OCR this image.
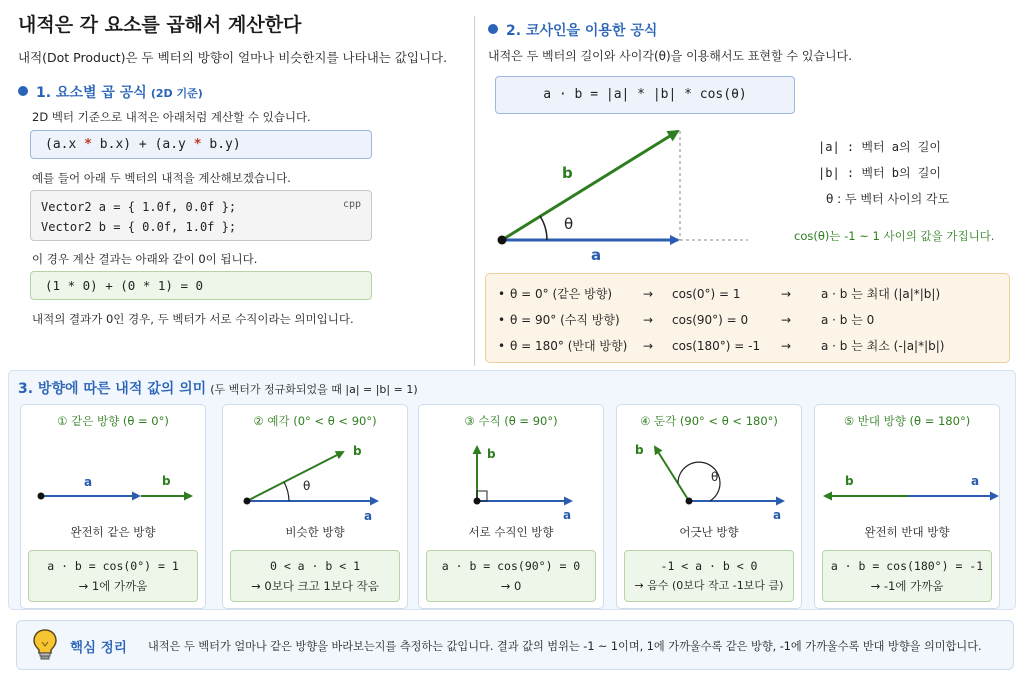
내적은 각 요소를 곱해서 계산한다
내적(Dot Product)은 두 벡터의 방향이 얼마나 비슷한지를 나타내는 값입니다.
1. 요소별 곱 공식 (2D 기준)
2D 벡터 기준으로 내적은 아래처럼 계산할 수 있습니다.
(a.x * b.x) + (a.y * b.y)
예를 들어 아래 두 벡터의 내적을 계산해보겠습니다.
cpp
Vector2 a = { 1.0f, 0.0f };
Vector2 b = { 0.0f, 1.0f };
이 경우 계산 결과는 아래와 같이 0이 됩니다.
(1 * 0) + (0 * 1) = 0
내적의 결과가 0인 경우, 두 벡터가 서로 수직이라는 의미입니다.
2. 코사인을 이용한 공식
내적은 두 벡터의 길이와 사이각(θ)을 이용해서도 표현할 수 있습니다.
a · b = |a| * |b| * cos(θ)
a
b
θ
|a| : 벡터 a의 길이
|b| : 벡터 b의 길이
θ : 두 벡터 사이의 각도
cos(θ)는 -1 ~ 1 사이의 값을 가집니다.
• θ = 0° (같은 방향)	→ cos(0°) = 1	→ a · b 는 최대 (|a|*|b|)
• θ = 90° (수직 방향) → cos(90°) = 0	→ a · b 는 0
• θ = 180° (반대 방향) → cos(180°) = -1 → a · b 는 최소 (-|a|*|b|)
3. 방향에 따른 내적 값의 의미 (두 벡터가 정규화되었을 때 |a| = |b| = 1)
① 같은 방향 (θ = 0°)
a	b
완전히 같은 방향
a · b = cos(0°) = 1
→ 1에 가까움
② 예각 (0° < θ < 90°)
a
b
θ
비슷한 방향
0 < a · b < 1
→ 0보다 크고 1보다 작음
③ 수직 (θ = 90°)
a
b
서로 수직인 방향
a · b = cos(90°) = 0
→ 0
④ 둔각 (90° < θ < 180°)
a
b
θ
어긋난 방향
-1 < a · b < 0
→ 음수 (0보다 작고 -1보다 큼)
⑤ 반대 방향 (θ = 180°)
a
b
완전히 반대 방향
a · b = cos(180°) = -1
→ -1에 가까움
핵심 정리 내적은 두 벡터가 얼마나 같은 방향을 바라보는지를 측정하는 값입니다. 결과 값의 범위는 -1 ~ 1이며, 1에 가까울수록 같은 방향, -1에 가까울수록 반대 방향을 의미합니다.
